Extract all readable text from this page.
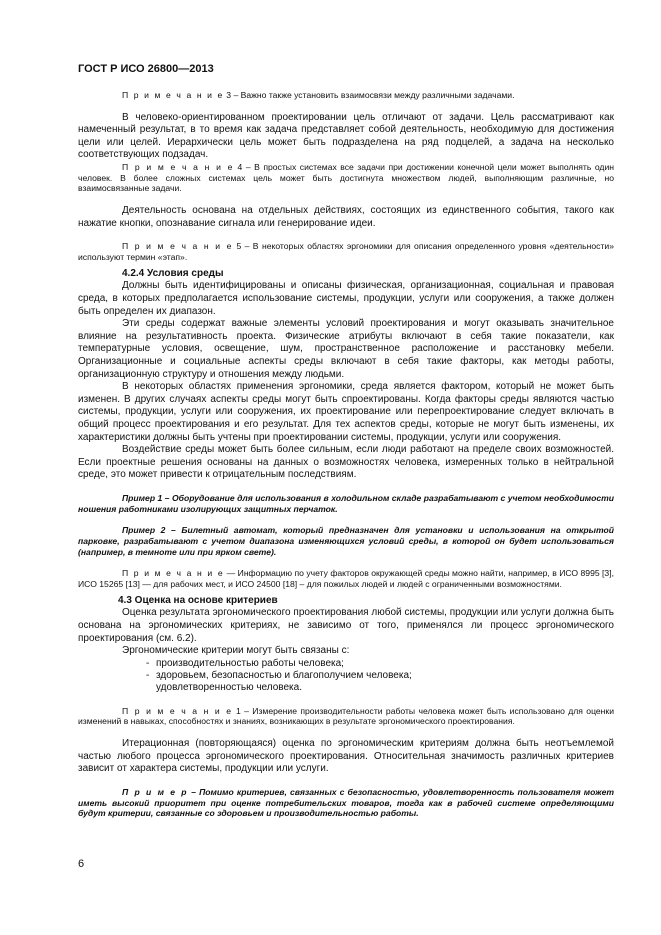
ГОСТ Р ИСО 26800—2013

П р и м е ч а н и е 3 – Важно также установить взаимосвязи между различными задачами.

В человеко-ориентированном проектировании цель отличают от задачи. Цель рассматривают как намеченный результат, в то время как задача представляет собой деятельность, необходимую для достижения цели или целей. Иерархически цель может быть подразделена на ряд подцелей, а задача на несколько соответствующих подзадач.

П р и м е ч а н и е 4 – В простых системах все задачи при достижении конечной цели может выполнять один человек. В более сложных системах цель может быть достигнута множеством людей, выполняющим различные, но взаимосвязанные задачи.

Деятельность основана на отдельных действиях, состоящих из единственного события, такого как нажатие кнопки, опознавание сигнала или генерирование идеи.

П р и м е ч а н и е 5 – В некоторых областях эргономики для описания определенного уровня «деятельности» используют термин «этап».

4.2.4 Условия среды

Должны быть идентифицированы и описаны физическая, организационная, социальная и правовая среда, в которых предполагается использование системы, продукции, услуги или сооружения, а также должен быть определен их диапазон.

Эти среды содержат важные элементы условий проектирования и могут оказывать значительное влияние на результативность проекта. Физические атрибуты включают в себя такие показатели, как температурные условия, освещение, шум, пространственное расположение и расстановку мебели. Организационные и социальные аспекты среды включают в себя такие факторы, как методы работы, организационную структуру и отношения между людьми.

В некоторых областях применения эргономики, среда является фактором, который не может быть изменен. В других случаях аспекты среды могут быть спроектированы. Когда факторы среды являются частью системы, продукции, услуги или сооружения, их проектирование или перепроектирование следует включать в общий процесс проектирования и его результат. Для тех аспектов среды, которые не могут быть изменены, их характеристики должны быть учтены при проектировании системы, продукции, услуги или сооружения.

Воздействие среды может быть более сильным, если люди работают на пределе своих возможностей. Если проектные решения основаны на данных о возможностях человека, измеренных только в нейтральной среде, это может привести к отрицательным последствиям.

Пример 1 – Оборудование для использования в холодильном складе разрабатывают с учетом необходимости ношения работниками изолирующих защитных перчаток.

Пример 2 – Билетный автомат, который предназначен для установки и использования на открытой парковке, разрабатывают с учетом диапазона изменяющихся условий среды, в которой он будет использоваться (например, в темноте или при ярком свете).

П р и м е ч а н и е — Информацию по учету факторов окружающей среды можно найти, например, в ИСО 8995 [3], ИСО 15265 [13] — для рабочих мест, и ИСО 24500 [18] – для пожилых людей и людей с ограниченными возможностями.

4.3 Оценка на основе критериев

Оценка результата эргономического проектирования любой системы, продукции или услуги должна быть основана на эргономических критериях, не зависимо от того, применялся ли процесс эргономического проектирования (см. 6.2).

Эргономические критерии могут быть связаны с:

- производительностью работы человека;
- здоровьем, безопасностью и благополучием человека;
удовлетворенностью человека.

П р и м е ч а н и е 1 – Измерение производительности работы человека может быть использовано для оценки изменений в навыках, способностях и знаниях, возникающих в результате эргономического проектирования.

Итерационная (повторяющаяся) оценка по эргономическим критериям должна быть неотъемлемой частью любого процесса эргономического проектирования. Относительная значимость различных критериев зависит от характера системы, продукции или услуги.

П р и м е р – Помимо критериев, связанных с безопасностью, удовлетворенность пользователя может иметь высокий приоритет при оценке потребительских товаров, тогда как в рабочей системе определяющими будут критерии, связанные со здоровьем и производительностью работы.

6
